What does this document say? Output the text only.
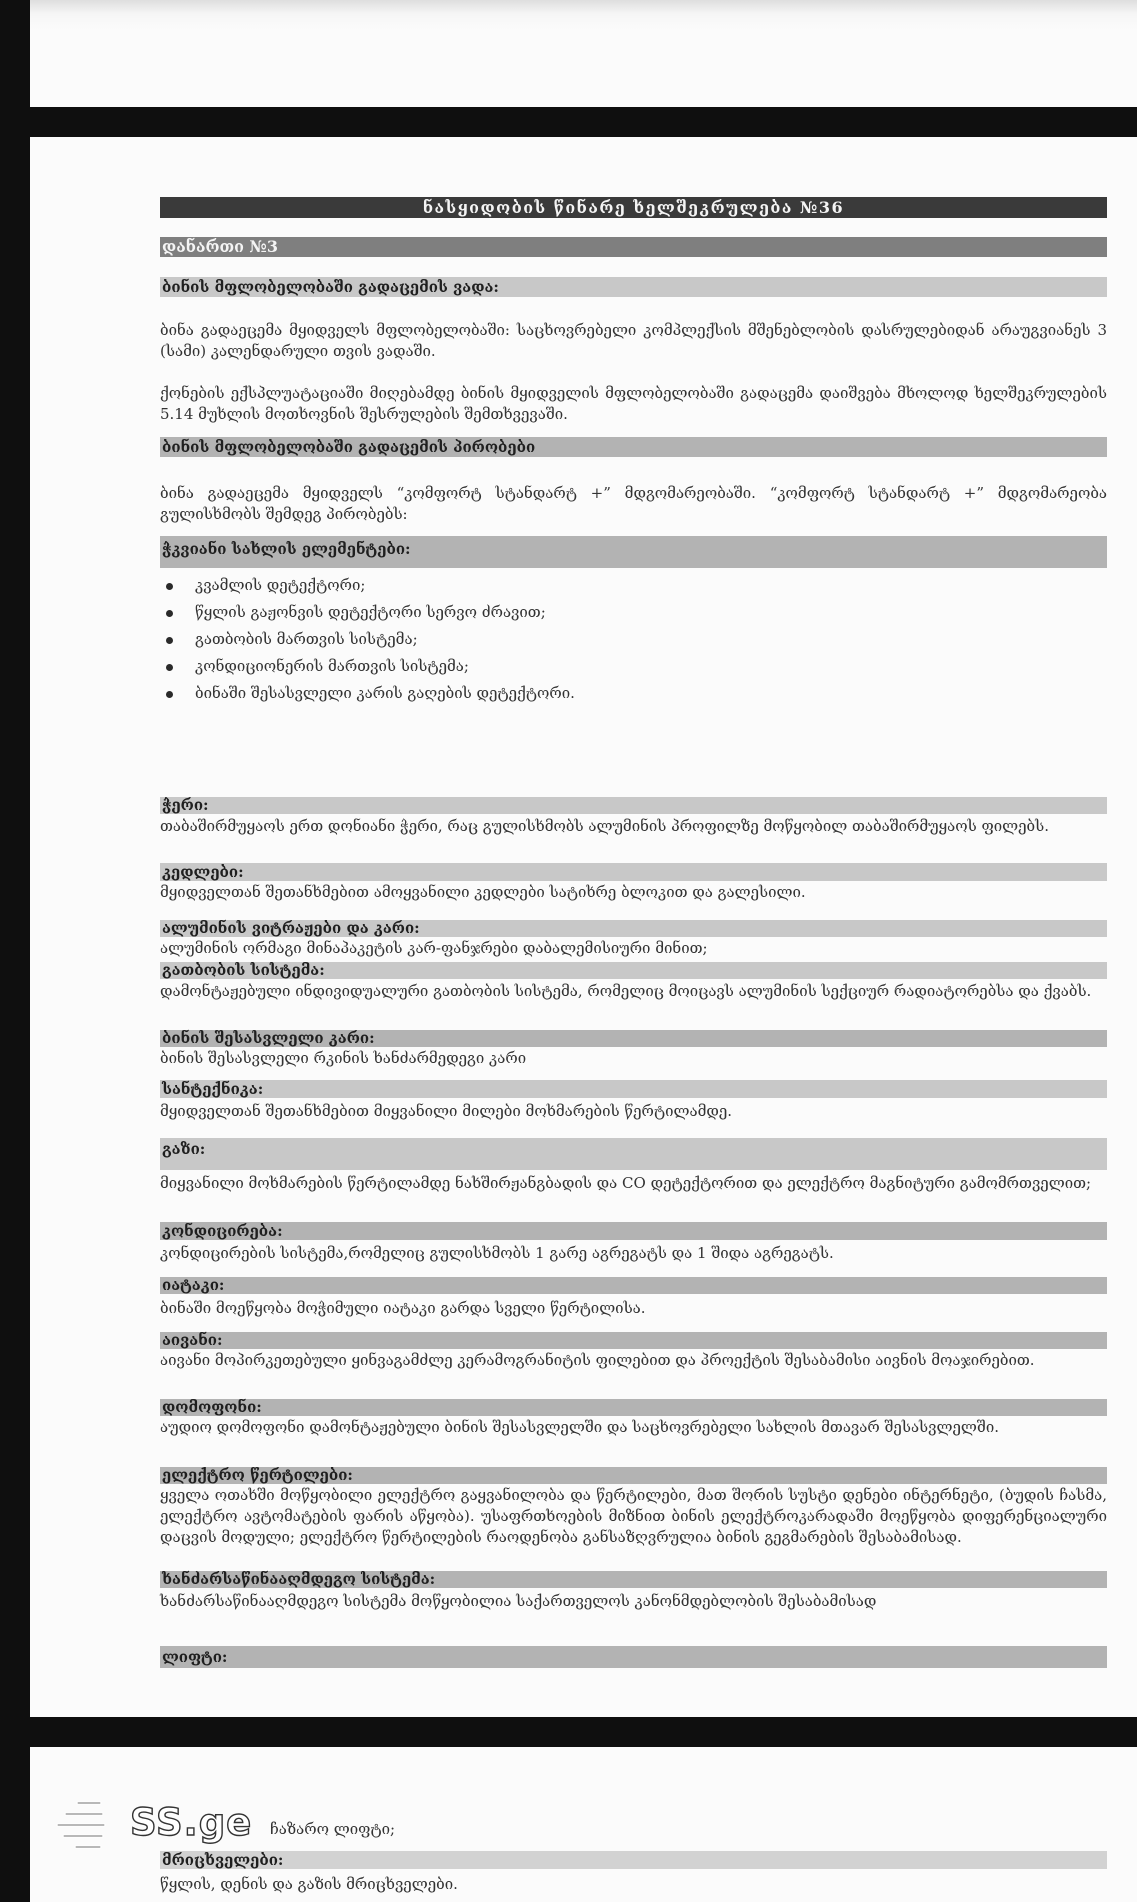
ნასყიდობის წინარე ხელშეკრულება №36
დანართი №3
ბინის მფლობელობაში გადაცემის ვადა:
ბინა გადაეცემა მყიდველს მფლობელობაში: საცხოვრებელი კომპლექსის მშენებლობის დასრულებიდან არაუგვიანეს 3 (სამი) კალენდარული თვის ვადაში.
ქონების ექსპლუატაციაში მიღებამდე ბინის მყიდველის მფლობელობაში გადაცემა დაიშვება მხოლოდ ხელშეკრულების 5.14 მუხლის მოთხოვნის შესრულების შემთხვევაში.
ბინის მფლობელობაში გადაცემის პირობები
ბინა გადაეცემა მყიდველს “კომფორტ სტანდარტ +” მდგომარეობაში. “კომფორტ სტანდარტ +” მდგომარეობა გულისხმობს შემდეგ პირობებს:
ჭკვიანი სახლის ელემენტები:
კვამლის დეტექტორი;
წყლის გაჟონვის დეტექტორი სერვო ძრავით;
გათბობის მართვის სისტემა;
კონდიციონერის მართვის სისტემა;
ბინაში შესასვლელი კარის გაღების დეტექტორი.
ჭერი:
თაბაშირმუყაოს ერთ დონიანი ჭერი, რაც გულისხმობს ალუმინის პროფილზე მოწყობილ თაბაშირმუყაოს ფილებს.
კედლები:
მყიდველთან შეთანხმებით ამოყვანილი კედლები სატიხრე ბლოკით და გალესილი.
ალუმინის ვიტრაჟები და კარი:
ალუმინის ორმაგი მინაპაკეტის კარ-ფანჯრები დაბალემისიური მინით;
გათბობის სისტემა:
დამონტაჟებული ინდივიდუალური გათბობის სისტემა, რომელიც მოიცავს ალუმინის სექციურ რადიატორებსა და ქვაბს.
ბინის შესასვლელი კარი:
ბინის შესასვლელი რკინის ხანძარმედეგი კარი
სანტექნიკა:
მყიდველთან შეთანხმებით მიყვანილი მილები მოხმარების წერტილამდე.
გაზი:
მიყვანილი მოხმარების წერტილამდე ნახშირჟანგბადის და CO დეტექტორით და ელექტრო მაგნიტური გამომრთველით;
კონდიცირება:
კონდიცირების სისტემა,რომელიც გულისხმობს 1 გარე აგრეგატს და 1 შიდა აგრეგატს.
იატაკი:
ბინაში მოეწყობა მოჭიმული იატაკი გარდა სველი წერტილისა.
აივანი:
აივანი მოპირკეთებული ყინვაგამძლე კერამოგრანიტის ფილებით და პროექტის შესაბამისი აივნის მოაჯირებით.
დომოფონი:
აუდიო დომოფონი დამონტაჟებული ბინის შესასვლელში და საცხოვრებელი სახლის მთავარ შესასვლელში.
ელექტრო წერტილები:
ყველა ოთახში მოწყობილი ელექტრო გაყვანილობა და წერტილები, მათ შორის სუსტი დენები ინტერნეტი, (ბუდის ჩასმა, ელექტრო ავტომატების ფარის აწყობა). უსაფრთხოების მიზნით ბინის ელექტროკარადაში მოეწყობა დიფერენციალური დაცვის მოდული; ელექტრო წერტილების რაოდენობა განსაზღვრულია ბინის გეგმარების შესაბამისად.
ხანძარსაწინააღმდეგო სისტემა:
ხანძარსაწინააღმდეგო სისტემა მოწყობილია საქართველოს კანონმდებლობის შესაბამისად
ლიფტი:
ჩაზარო ლიფტი;
მრიცხველები:
წყლის, დენის და გაზის მრიცხველები.
SS.ge
